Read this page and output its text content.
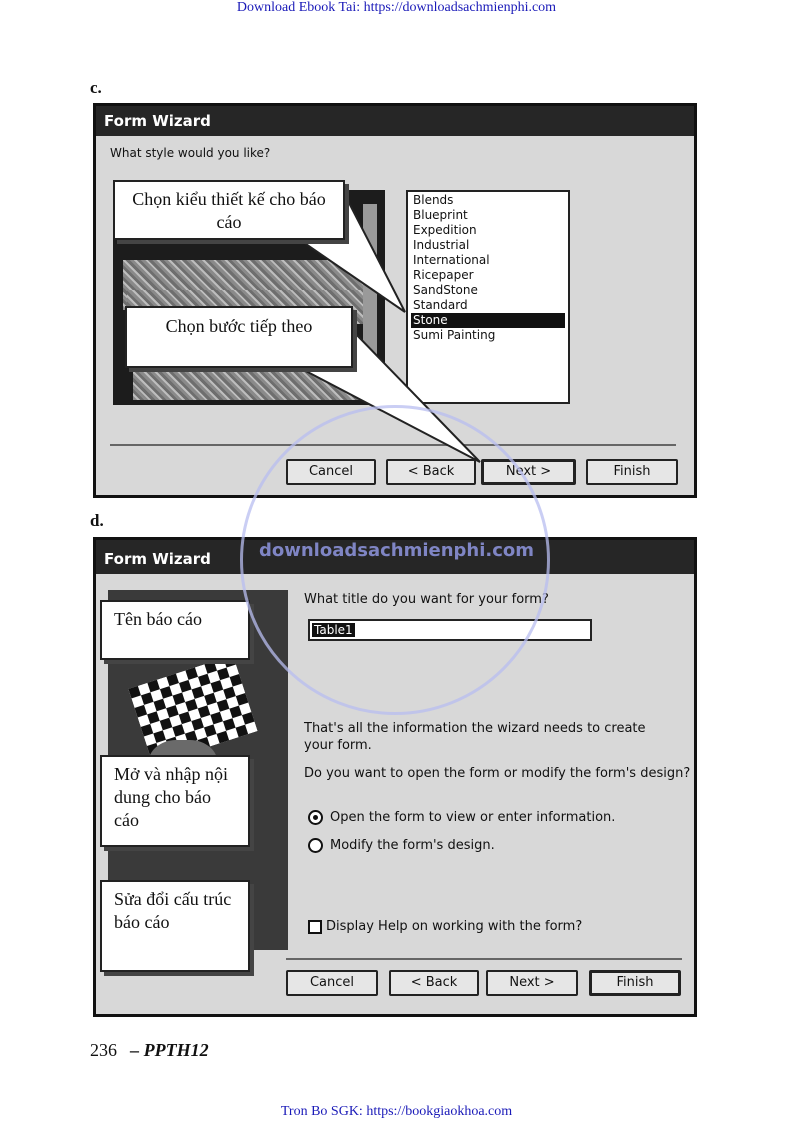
Download Ebook Tai: https://downloadsachmienphi.com
Tron Bo SGK: https://bookgiaokhoa.com
c.
Form Wizard
What style would you like?
Blends
Blueprint
Expedition
Industrial
International
Ricepaper
SandStone
Standard
Stone
Sumi Painting
Cancel	< Back	Next >	Finish
Chọn kiểu thiết kế cho báo cáo
Chọn bước tiếp theo
d.
Form Wizard
What title do you want for your form?
Table1
That's all the information the wizard needs to create your form.
Do you want to open the form or modify the form's design?
Open the form to view or enter information.
Modify the form's design.
Display Help on working with the form?
Cancel	< Back	Next >	Finish
Tên báo cáo
Mở và nhập nội dung cho báo cáo
Sửa đổi cấu trúc báo cáo
downloadsachmienphi.com
236 – PPTH12
